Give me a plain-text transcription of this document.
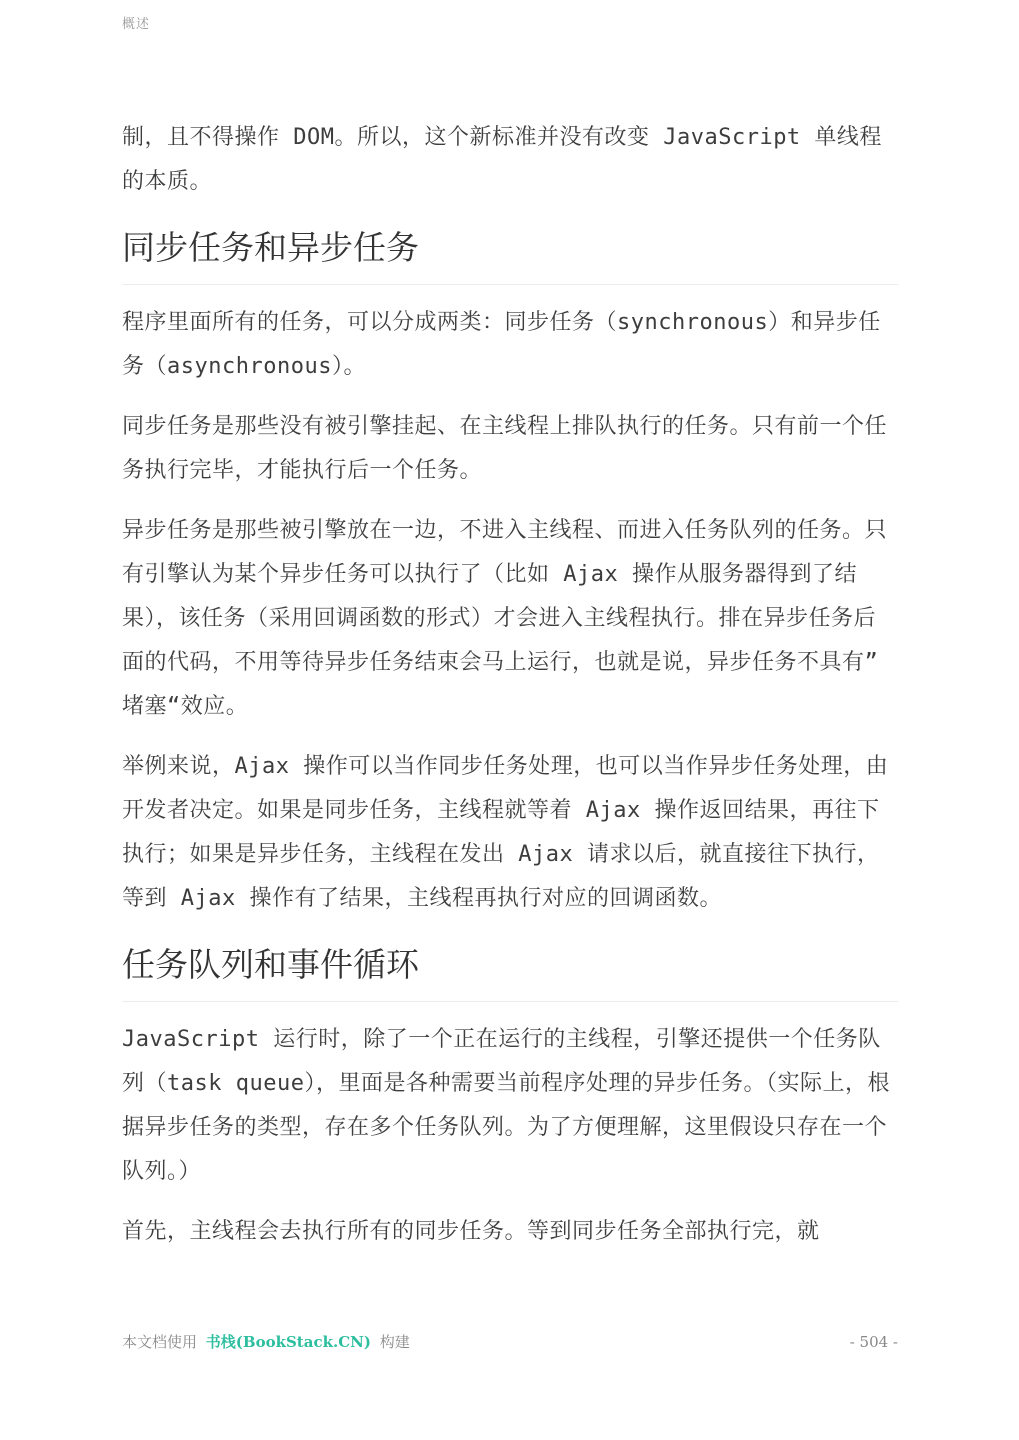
概述

制，且不得操作 DOM。所以，这个新标准并没有改变 JavaScript 单线程的本质。

同步任务和异步任务

程序里面所有的任务，可以分成两类：同步任务（synchronous）和异步任务（asynchronous）。

同步任务是那些没有被引擎挂起、在主线程上排队执行的任务。只有前一个任务执行完毕，才能执行后一个任务。

异步任务是那些被引擎放在一边，不进入主线程、而进入任务队列的任务。只有引擎认为某个异步任务可以执行了（比如 Ajax 操作从服务器得到了结果），该任务（采用回调函数的形式）才会进入主线程执行。排在异步任务后面的代码，不用等待异步任务结束会马上运行，也就是说，异步任务不具有”堵塞“效应。

举例来说，Ajax 操作可以当作同步任务处理，也可以当作异步任务处理，由开发者决定。如果是同步任务，主线程就等着 Ajax 操作返回结果，再往下执行；如果是异步任务，主线程在发出 Ajax 请求以后，就直接往下执行，等到 Ajax 操作有了结果，主线程再执行对应的回调函数。

任务队列和事件循环

JavaScript 运行时，除了一个正在运行的主线程，引擎还提供一个任务队列（task queue），里面是各种需要当前程序处理的异步任务。（实际上，根据异步任务的类型，存在多个任务队列。为了方便理解，这里假设只存在一个队列。）

首先，主线程会去执行所有的同步任务。等到同步任务全部执行完，就

本文档使用 书栈(BookStack.CN) 构建	- 504 -
